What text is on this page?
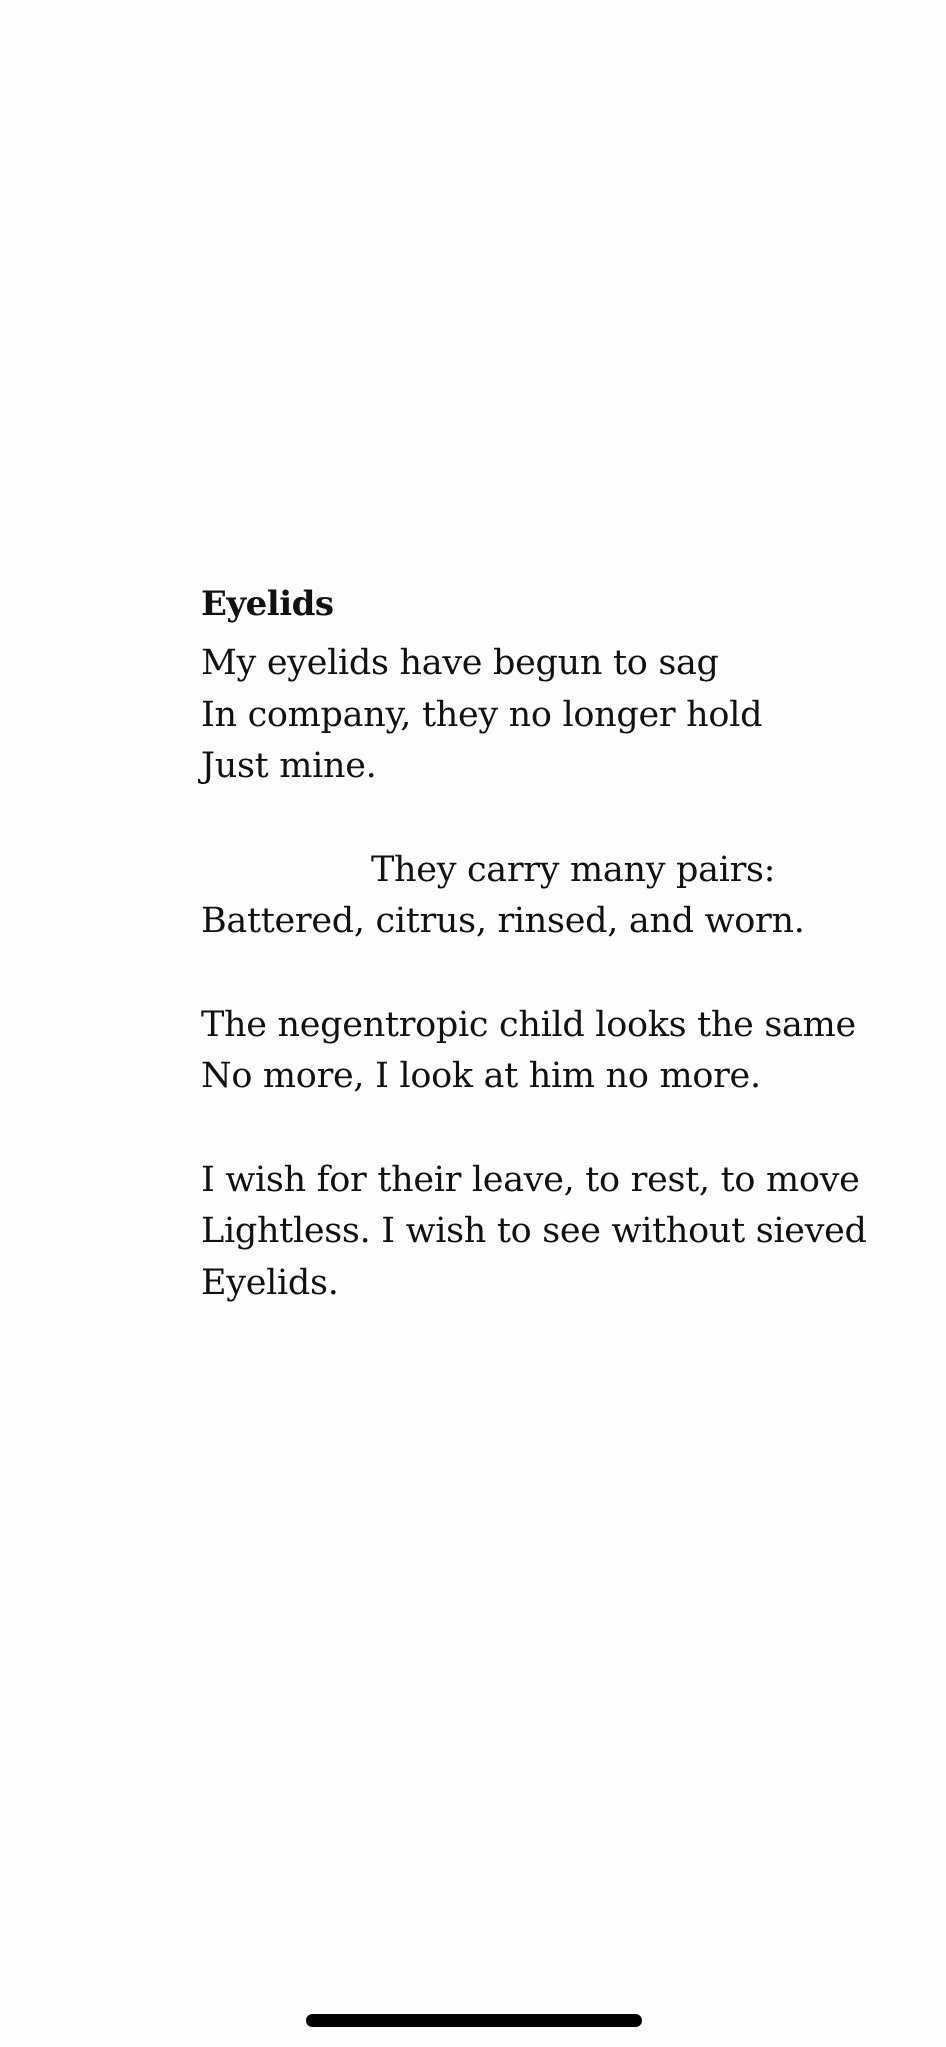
Eyelids
My eyelids have begun to sag
In company, they no longer hold
Just mine.
They carry many pairs:
Battered, citrus, rinsed, and worn.
The negentropic child looks the same
No more, I look at him no more.
I wish for their leave, to rest, to move
Lightless. I wish to see without sieved
Eyelids.
